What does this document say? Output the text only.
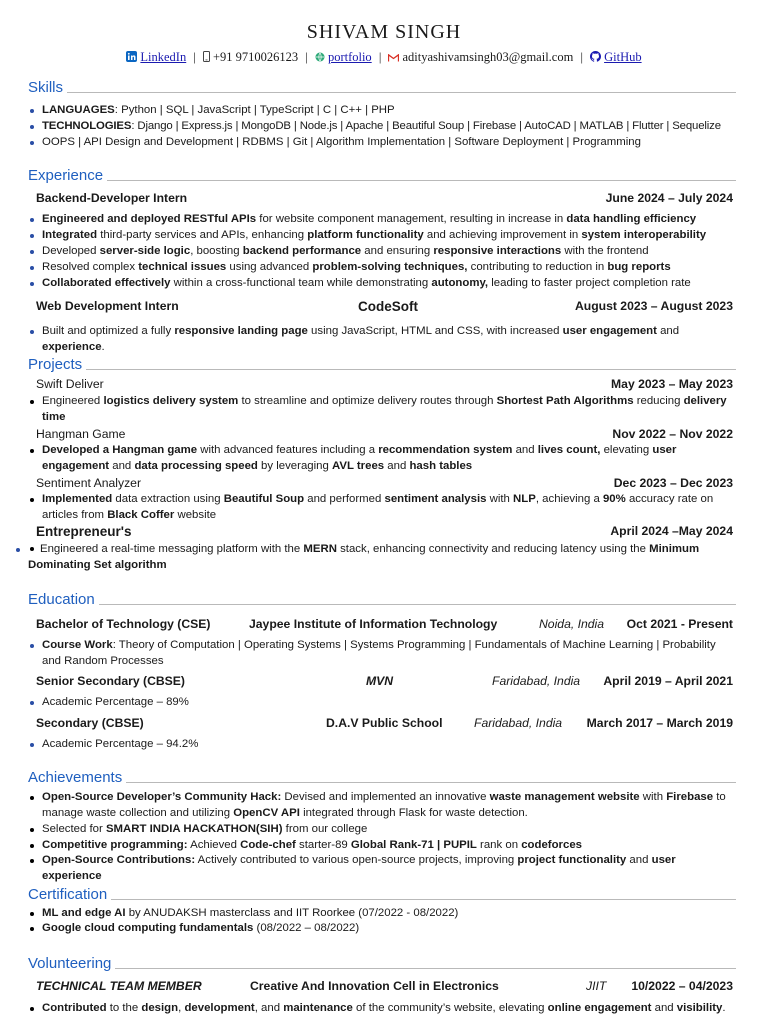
SHIVAM SINGH
LinkedIn | +91 9710026123 | portfolio | adityashivamsingh03@gmail.com | GitHub
Skills
LANGUAGES: Python | SQL | JavaScript | TypeScript | C | C++ | PHP
TECHNOLOGIES: Django | Express.js | MongoDB | Node.js | Apache | Beautiful Soup | Firebase | AutoCAD | MATLAB | Flutter | Sequelize
OOPS | API Design and Development | RDBMS | Git | Algorithm Implementation | Software Deployment | Programming
Experience
Backend-Developer Intern	June 2024 – July 2024
Engineered and deployed RESTful APIs for website component management, resulting in increase in data handling efficiency
Integrated third-party services and APIs, enhancing platform functionality and achieving improvement in system interoperability
Developed server-side logic, boosting backend performance and ensuring responsive interactions with the frontend
Resolved complex technical issues using advanced problem-solving techniques, contributing to reduction in bug reports
Collaborated effectively within a cross-functional team while demonstrating autonomy, leading to faster project completion rate
Web Development Intern	CodeSoft	August 2023 – August 2023
Built and optimized a fully responsive landing page using JavaScript, HTML and CSS, with increased user engagement and experience.
Projects
Swift Deliver	May 2023 – May 2023
Engineered logistics delivery system to streamline and optimize delivery routes through Shortest Path Algorithms reducing delivery time
Hangman Game	Nov 2022 – Nov 2022
Developed a Hangman game with advanced features including a recommendation system and lives count, elevating user engagement and data processing speed by leveraging AVL trees and hash tables
Sentiment Analyzer	Dec 2023 – Dec 2023
Implemented data extraction using Beautiful Soup and performed sentiment analysis with NLP, achieving a 90% accuracy rate on articles from Black Coffer website
Entrepreneur's	April 2024 –May 2024
Engineered a real-time messaging platform with the MERN stack, enhancing connectivity and reducing latency using the Minimum Dominating Set algorithm
Education
Bachelor of Technology (CSE)	Jaypee Institute of Information Technology	Noida, India Oct 2021 - Present
Course Work: Theory of Computation | Operating Systems | Systems Programming | Fundamentals of Machine Learning | Probability and Random Processes
Senior Secondary (CBSE)	MVN	Faridabad, India April 2019 – April 2021
Academic Percentage – 89%
Secondary (CBSE)	D.A.V Public School	Faridabad, India March 2017 – March 2019
Academic Percentage – 94.2%
Achievements
Open-Source Developer’s Community Hack: Devised and implemented an innovative waste management website with Firebase to manage waste collection and utilizing OpenCV API integrated through Flask for waste detection.
Selected for SMART INDIA HACKATHON(SIH) from our college
Competitive programming: Achieved Code-chef starter-89 Global Rank-71 | PUPIL rank on codeforces
Open-Source Contributions: Actively contributed to various open-source projects, improving project functionality and user experience
Certification
ML and edge AI by ANUDAKSH masterclass and IIT Roorkee (07/2022 - 08/2022)
Google cloud computing fundamentals (08/2022 – 08/2022)
Volunteering
TECHNICAL TEAM MEMBER	Creative And Innovation Cell in Electronics	JIIT 10/2022 – 04/2023
Contributed to the design, development, and maintenance of the community’s website, elevating online engagement and visibility.
